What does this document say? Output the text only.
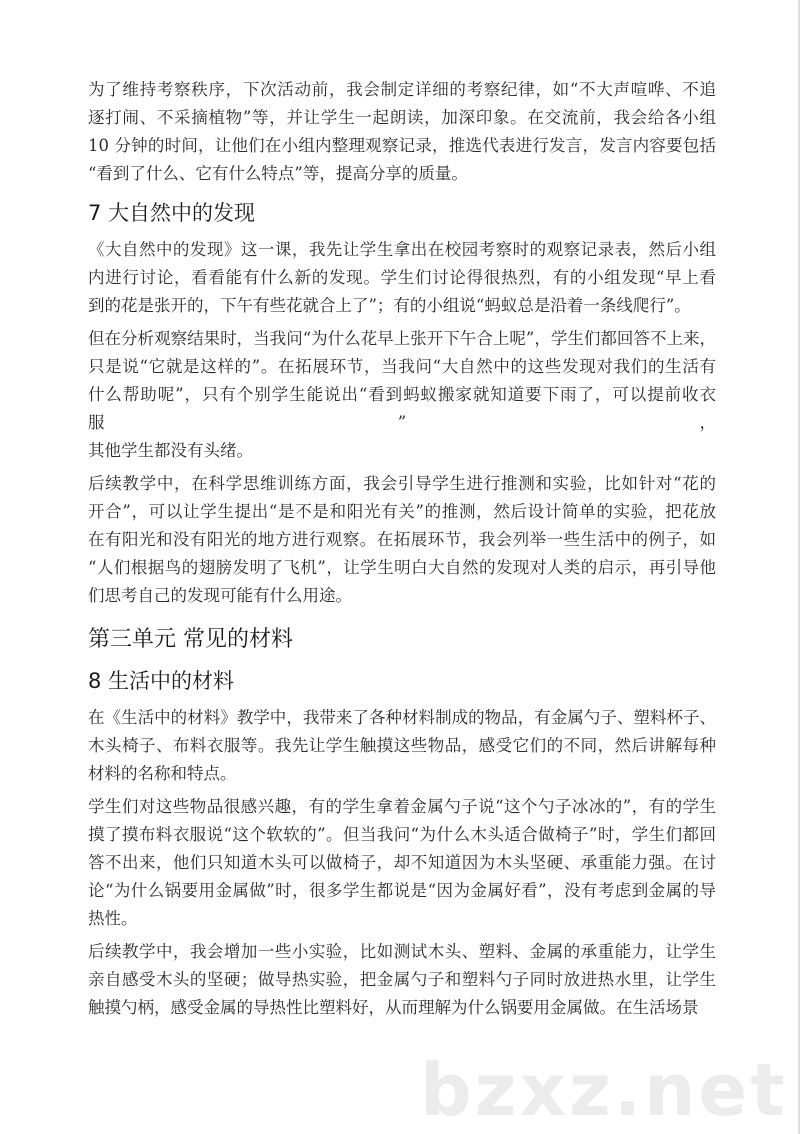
为了维持考察秩序，下次活动前，我会制定详细的考察纪律，如“不大声喧哗、不追
逐打闹、不采摘植物”等，并让学生一起朗读，加深印象。在交流前，我会给各小组
10 分钟的时间，让他们在小组内整理观察记录，推选代表进行发言，发言内容要包括
“看到了什么、它有什么特点”等，提高分享的质量。
7 大自然中的发现
《大自然中的发现》这一课，我先让学生拿出在校园考察时的观察记录表，然后小组
内进行讨论，看看能有什么新的发现。学生们讨论得很热烈，有的小组发现“早上看
到的花是张开的，下午有些花就合上了”；有的小组说“蚂蚁总是沿着一条线爬行”。
但在分析观察结果时，当我问“为什么花早上张开下午合上呢”，学生们都回答不上来，
只是说“它就是这样的”。在拓展环节，当我问“大自然中的这些发现对我们的生活有
什么帮助呢”，只有个别学生能说出“看到蚂蚁搬家就知道要下雨了，可以提前收衣服”，
其他学生都没有头绪。
后续教学中，在科学思维训练方面，我会引导学生进行推测和实验，比如针对“花的
开合”，可以让学生提出“是不是和阳光有关”的推测，然后设计简单的实验，把花放
在有阳光和没有阳光的地方进行观察。在拓展环节，我会列举一些生活中的例子，如
“人们根据鸟的翅膀发明了飞机”，让学生明白大自然的发现对人类的启示，再引导他
们思考自己的发现可能有什么用途。
第三单元 常见的材料
8 生活中的材料
在《生活中的材料》教学中，我带来了各种材料制成的物品，有金属勺子、塑料杯子、
木头椅子、布料衣服等。我先让学生触摸这些物品，感受它们的不同，然后讲解每种
材料的名称和特点。
学生们对这些物品很感兴趣，有的学生拿着金属勺子说“这个勺子冰冰的”，有的学生
摸了摸布料衣服说“这个软软的”。但当我问“为什么木头适合做椅子”时，学生们都回
答不出来，他们只知道木头可以做椅子，却不知道因为木头坚硬、承重能力强。在讨
论“为什么锅要用金属做”时，很多学生都说是“因为金属好看”，没有考虑到金属的导
热性。
后续教学中，我会增加一些小实验，比如测试木头、塑料、金属的承重能力，让学生
亲自感受木头的坚硬；做导热实验，把金属勺子和塑料勺子同时放进热水里，让学生
触摸勺柄，感受金属的导热性比塑料好，从而理解为什么锅要用金属做。在生活场景
bzxz.net
